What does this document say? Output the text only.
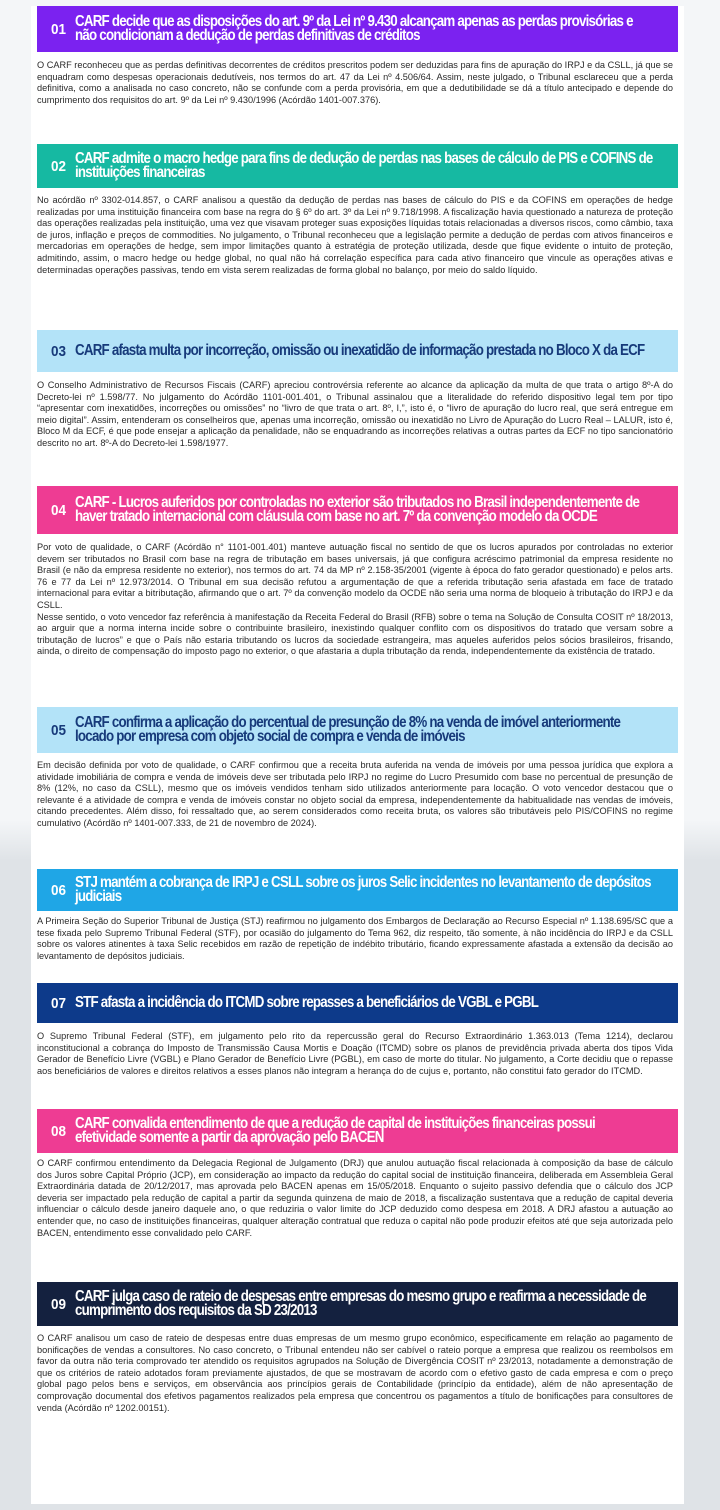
01 CARF decide que as disposições do art. 9º da Lei nº 9.430 alcançam apenas as perdas provisórias e
não condicionam a dedução de perdas definitivas de créditos

O CARF reconheceu que as perdas definitivas decorrentes de créditos prescritos podem ser deduzidas para fins de apuração do IRPJ e da CSLL, já que se enquadram como despesas operacionais dedutíveis, nos termos do art. 47 da Lei nº 4.506/64. Assim, neste julgado, o Tribunal esclareceu que a perda definitiva, como a analisada no caso concreto, não se confunde com a perda provisória, em que a dedutibilidade se dá a título antecipado e depende do cumprimento dos requisitos do art. 9º da Lei nº 9.430/1996 (Acórdão 1401-007.376).

02 CARF admite o macro hedge para fins de dedução de perdas nas bases de cálculo de PIS e COFINS de
instituições financeiras

No acórdão nº 3302-014.857, o CARF analisou a questão da dedução de perdas nas bases de cálculo do PIS e da COFINS em operações de hedge realizadas por uma instituição financeira com base na regra do § 6º do art. 3º da Lei nº 9.718/1998. A fiscalização havia questionado a natureza de proteção das operações realizadas pela instituição, uma vez que visavam proteger suas exposições líquidas totais relacionadas a diversos riscos, como câmbio, taxa de juros, inflação e preços de commodities. No julgamento, o Tribunal reconheceu que a legislação permite a dedução de perdas com ativos financeiros e mercadorias em operações de hedge, sem impor limitações quanto à estratégia de proteção utilizada, desde que fique evidente o intuito de proteção, admitindo, assim, o macro hedge ou hedge global, no qual não há correlação específica para cada ativo financeiro que vincule as operações ativas e determinadas operações passivas, tendo em vista serem realizadas de forma global no balanço, por meio do saldo líquido.

03 CARF afasta multa por incorreção, omissão ou inexatidão de informação prestada no Bloco X da ECF

O Conselho Administrativo de Recursos Fiscais (CARF) apreciou controvérsia referente ao alcance da aplicação da multa de que trata o artigo 8º-A do Decreto-lei nº 1.598/77. No julgamento do Acórdão 1101-001.401, o Tribunal assinalou que a literalidade do referido dispositivo legal tem por tipo “apresentar com inexatidões, incorreções ou omissões” no “livro de que trata o art. 8º, I,”, isto é, o “livro de apuração do lucro real, que será entregue em meio digital”. Assim, entenderam os conselheiros que, apenas uma incorreção, omissão ou inexatidão no Livro de Apuração do Lucro Real – LALUR, isto é, Bloco M da ECF, é que pode ensejar a aplicação da penalidade, não se enquadrando as incorreções relativas a outras partes da ECF no tipo sancionatório descrito no art. 8º-A do Decreto-lei 1.598/1977.

04 CARF - Lucros auferidos por controladas no exterior são tributados no Brasil independentemente de
haver tratado internacional com cláusula com base no art. 7º da convenção modelo da OCDE

Por voto de qualidade, o CARF (Acórdão n° 1101-001.401) manteve autuação fiscal no sentido de que os lucros apurados por controladas no exterior devem ser tributados no Brasil com base na regra de tributação em bases universais, já que configura acréscimo patrimonial da empresa residente no Brasil (e não da empresa residente no exterior), nos termos do art. 74 da MP nº 2.158-35/2001 (vigente à época do fato gerador questionado) e pelos arts. 76 e 77 da Lei nº 12.973/2014. O Tribunal em sua decisão refutou a argumentação de que a referida tributação seria afastada em face de tratado internacional para evitar a bitributação, afirmando que o art. 7º da convenção modelo da OCDE não seria uma norma de bloqueio à tributação do IRPJ e da CSLL.
Nesse sentido, o voto vencedor faz referência à manifestação da Receita Federal do Brasil (RFB) sobre o tema na Solução de Consulta COSIT nº 18/2013, ao arguir que a norma interna incide sobre o contribuinte brasileiro, inexistindo qualquer conflito com os dispositivos do tratado que versam sobre a tributação de lucros” e que o País não estaria tributando os lucros da sociedade estrangeira, mas aqueles auferidos pelos sócios brasileiros, frisando, ainda, o direito de compensação do imposto pago no exterior, o que afastaria a dupla tributação da renda, independentemente da existência de tratado.

05 CARF confirma a aplicação do percentual de presunção de 8% na venda de imóvel anteriormente
locado por empresa com objeto social de compra e venda de imóveis

Em decisão definida por voto de qualidade, o CARF confirmou que a receita bruta auferida na venda de imóveis por uma pessoa jurídica que explora a atividade imobiliária de compra e venda de imóveis deve ser tributada pelo IRPJ no regime do Lucro Presumido com base no percentual de presunção de 8% (12%, no caso da CSLL), mesmo que os imóveis vendidos tenham sido utilizados anteriormente para locação. O voto vencedor destacou que o relevante é a atividade de compra e venda de imóveis constar no objeto social da empresa, independentemente da habitualidade nas vendas de imóveis, citando precedentes. Além disso, foi ressaltado que, ao serem considerados como receita bruta, os valores são tributáveis pelo PIS/COFINS no regime cumulativo (Acórdão nº 1401-007.333, de 21 de novembro de 2024).

06 STJ mantém a cobrança de IRPJ e CSLL sobre os juros Selic incidentes no levantamento de depósitos
judiciais

A Primeira Seção do Superior Tribunal de Justiça (STJ) reafirmou no julgamento dos Embargos de Declaração ao Recurso Especial nº 1.138.695/SC que a tese fixada pelo Supremo Tribunal Federal (STF), por ocasião do julgamento do Tema 962, diz respeito, tão somente, à não incidência do IRPJ e da CSLL sobre os valores atinentes à taxa Selic recebidos em razão de repetição de indébito tributário, ficando expressamente afastada a extensão da decisão ao levantamento de depósitos judiciais.

07 STF afasta a incidência do ITCMD sobre repasses a beneficiários de VGBL e PGBL

O Supremo Tribunal Federal (STF), em julgamento pelo rito da repercussão geral do Recurso Extraordinário 1.363.013 (Tema 1214), declarou inconstitucional a cobrança do Imposto de Transmissão Causa Mortis e Doação (ITCMD) sobre os planos de previdência privada aberta dos tipos Vida Gerador de Benefício Livre (VGBL) e Plano Gerador de Benefício Livre (PGBL), em caso de morte do titular. No julgamento, a Corte decidiu que o repasse aos beneficiários de valores e direitos relativos a esses planos não integram a herança do de cujus e, portanto, não constitui fato gerador do ITCMD.

08 CARF convalida entendimento de que a redução de capital de instituições financeiras possui
efetividade somente a partir da aprovação pelo BACEN

O CARF confirmou entendimento da Delegacia Regional de Julgamento (DRJ) que anulou autuação fiscal relacionada à composição da base de cálculo dos Juros sobre Capital Próprio (JCP), em consideração ao impacto da redução do capital social de instituição financeira, deliberada em Assembleia Geral Extraordinária datada de 20/12/2017, mas aprovada pelo BACEN apenas em 15/05/2018. Enquanto o sujeito passivo defendia que o cálculo dos JCP deveria ser impactado pela redução de capital a partir da segunda quinzena de maio de 2018, a fiscalização sustentava que a redução de capital deveria influenciar o cálculo desde janeiro daquele ano, o que reduziria o valor limite do JCP deduzido como despesa em 2018. A DRJ afastou a autuação ao entender que, no caso de instituições financeiras, qualquer alteração contratual que reduza o capital não pode produzir efeitos até que seja autorizada pelo BACEN, entendimento esse convalidado pelo CARF.

09 CARF julga caso de rateio de despesas entre empresas do mesmo grupo e reafirma a necessidade de
cumprimento dos requisitos da SD 23/2013

O CARF analisou um caso de rateio de despesas entre duas empresas de um mesmo grupo econômico, especificamente em relação ao pagamento de bonificações de vendas a consultores. No caso concreto, o Tribunal entendeu não ser cabível o rateio porque a empresa que realizou os reembolsos em favor da outra não teria comprovado ter atendido os requisitos agrupados na Solução de Divergência COSIT nº 23/2013, notadamente a demonstração de que os critérios de rateio adotados foram previamente ajustados, de que se mostravam de acordo com o efetivo gasto de cada empresa e com o preço global pago pelos bens e serviços, em observância aos princípios gerais de Contabilidade (princípio da entidade), além de não apresentação de comprovação documental dos efetivos pagamentos realizados pela empresa que concentrou os pagamentos a título de bonificações para consultores de venda (Acórdão nº 1202.00151).
